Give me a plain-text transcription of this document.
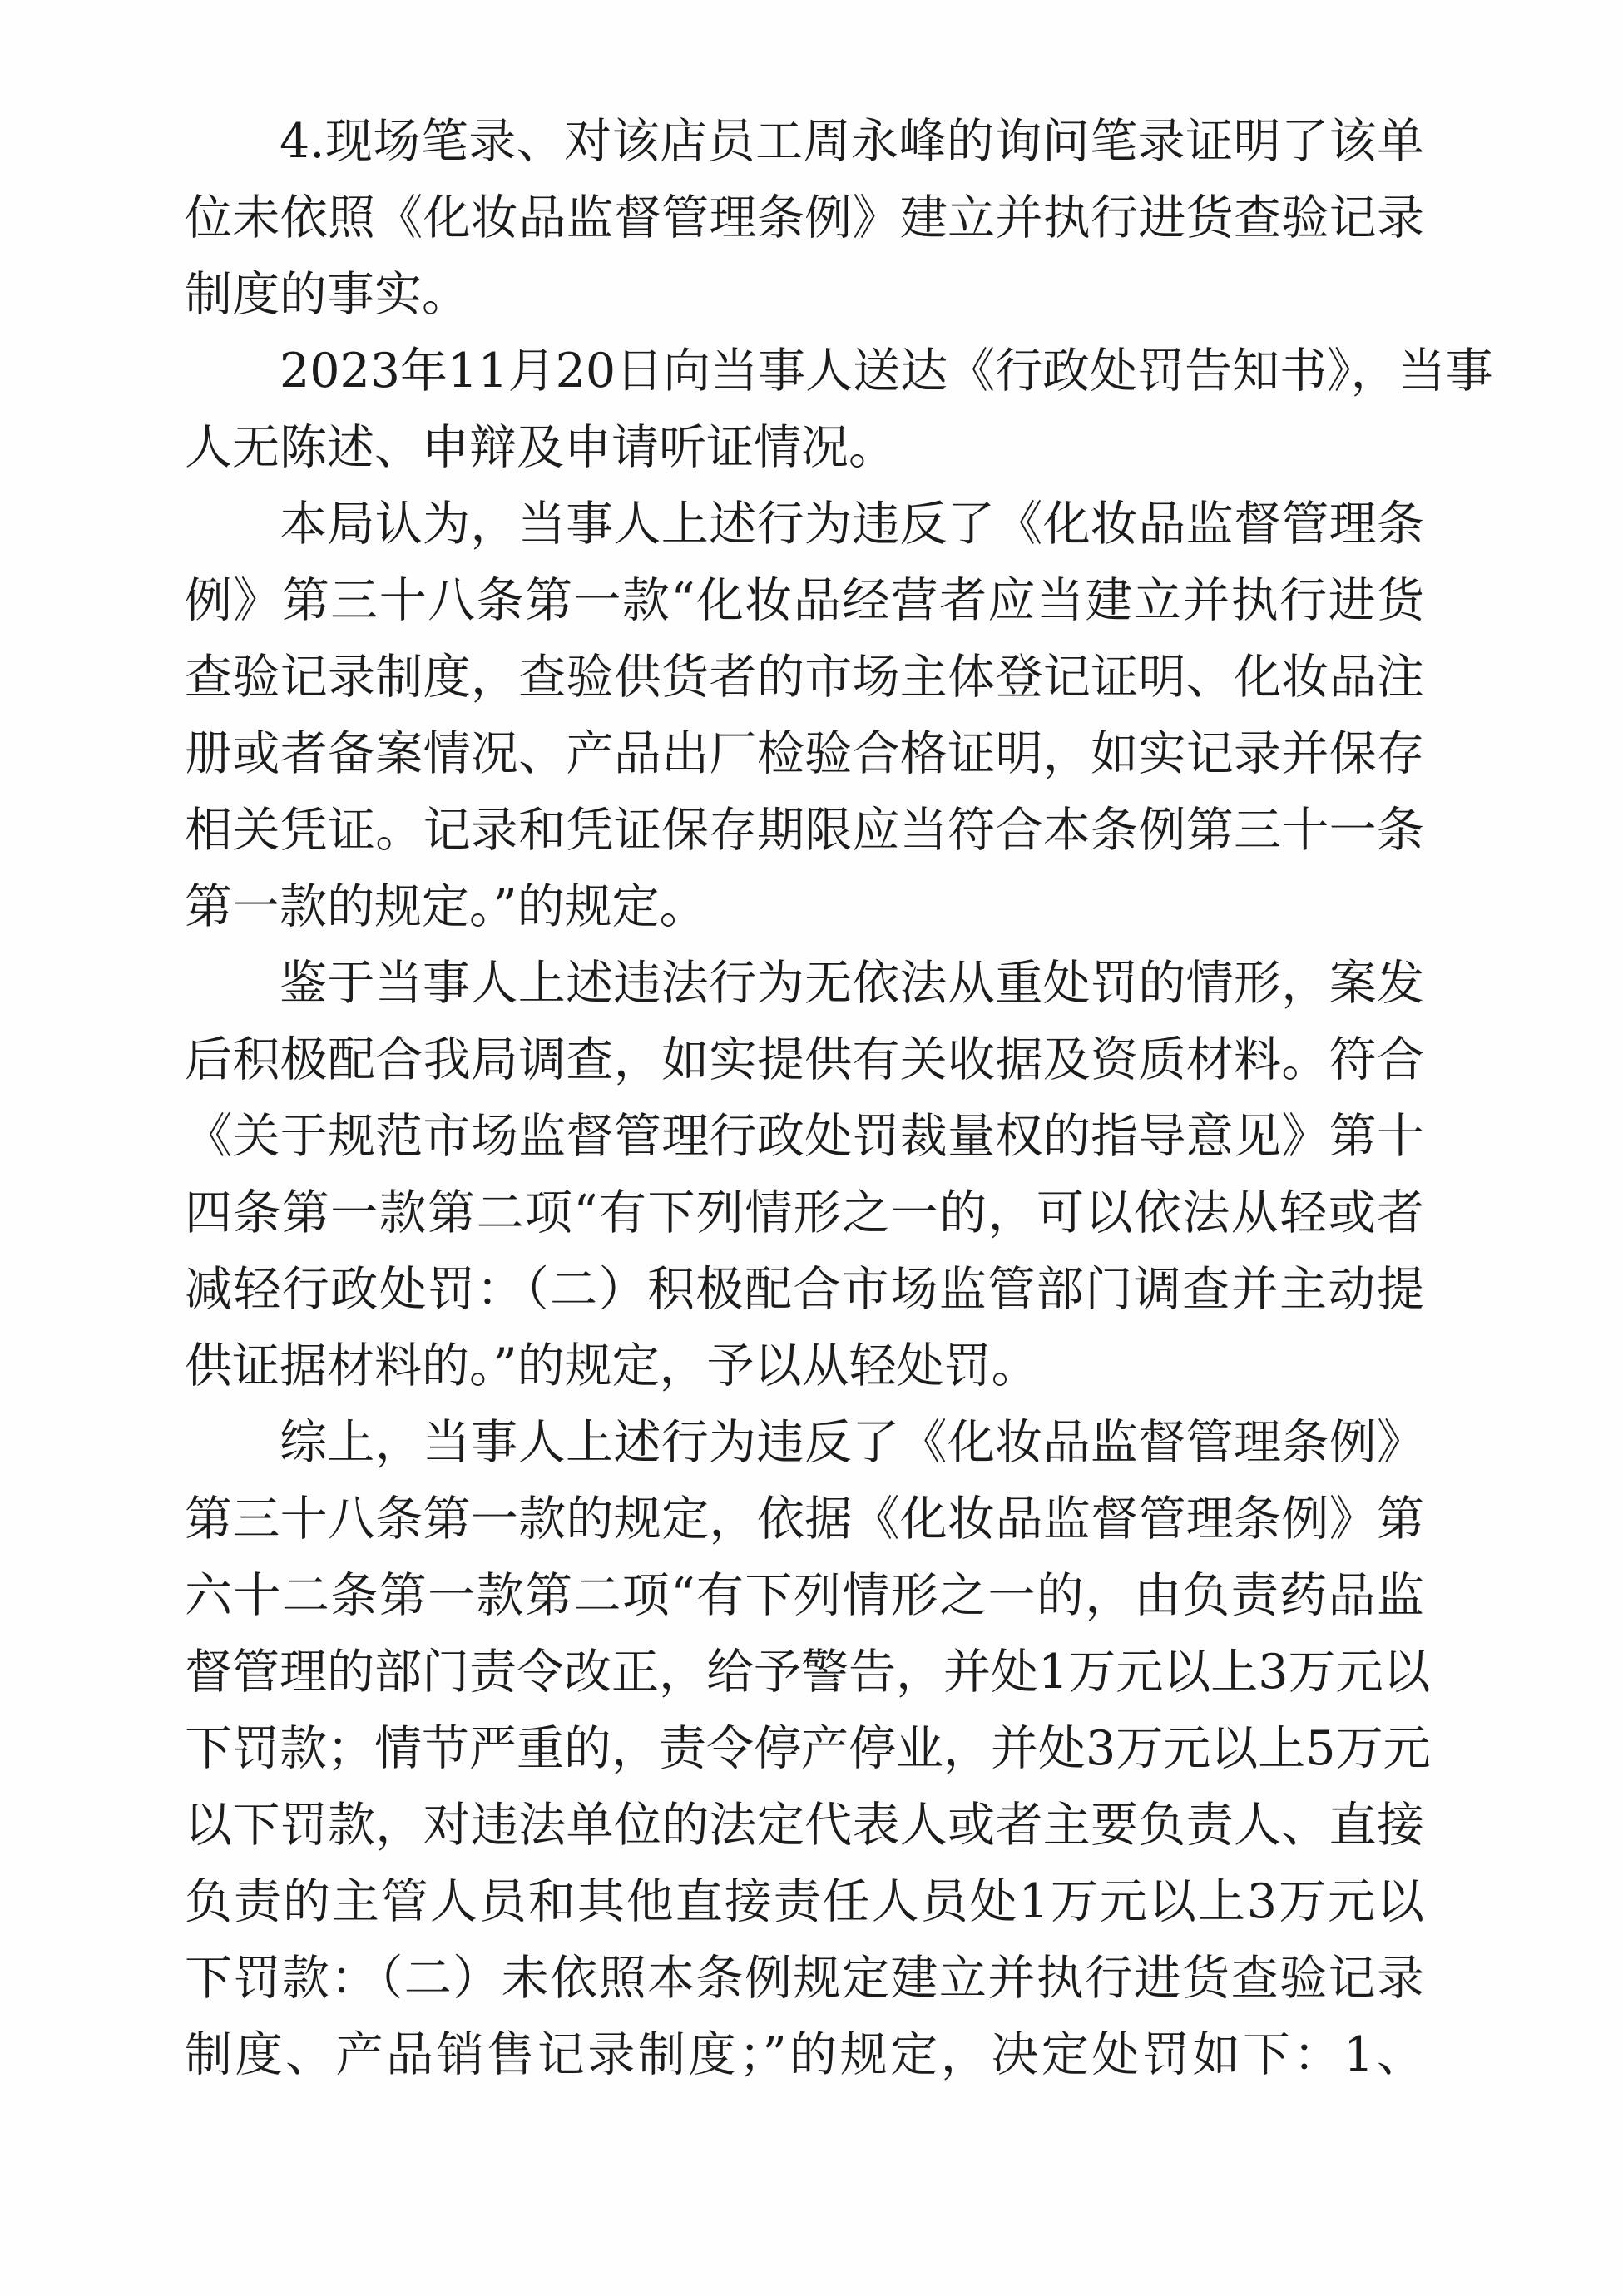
4.现场笔录、对该店员工周永峰的询问笔录证明了该单
位未依照《化妆品监督管理条例》建立并执行进货查验记录
制度的事实。
2023年11月20日向当事人送达《行政处罚告知书》，当事
人无陈述、申辩及申请听证情况。
本局认为，当事人上述行为违反了《化妆品监督管理条
例》第三十八条第一款“化妆品经营者应当建立并执行进货
查验记录制度，查验供货者的市场主体登记证明、化妆品注
册或者备案情况、产品出厂检验合格证明，如实记录并保存
相关凭证。记录和凭证保存期限应当符合本条例第三十一条
第一款的规定。”的规定。
鉴于当事人上述违法行为无依法从重处罚的情形，案发
后积极配合我局调查，如实提供有关收据及资质材料。符合
《关于规范市场监督管理行政处罚裁量权的指导意见》第十
四条第一款第二项“有下列情形之一的，可以依法从轻或者
减轻行政处罚：（二）积极配合市场监管部门调查并主动提
供证据材料的。”的规定，予以从轻处罚。
综上，当事人上述行为违反了《化妆品监督管理条例》
第三十八条第一款的规定，依据《化妆品监督管理条例》第
六十二条第一款第二项“有下列情形之一的，由负责药品监
督管理的部门责令改正，给予警告，并处1万元以上3万元以
下罚款；情节严重的，责令停产停业，并处3万元以上5万元
以下罚款，对违法单位的法定代表人或者主要负责人、直接
负责的主管人员和其他直接责任人员处1万元以上3万元以
下罚款：（二）未依照本条例规定建立并执行进货查验记录
制度、产品销售记录制度；”的规定，决定处罚如下：1、
